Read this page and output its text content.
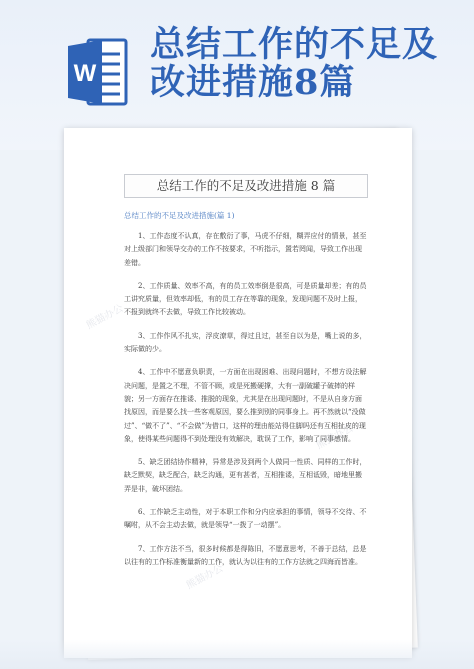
W
总结工作的不足及改进措施8篇
总结工作的不足及改进措施 8 篇
总结工作的不足及改进措施(篇 1)

1、工作态度不认真，存在敷衍了事，马虎不仔细，糊弄应付的情景，甚至对上级部门和领导交办的工作不按要求，不听指示，置若罔闻，导致工作出现差错。

2、工作质量、效率不高，有的员工效率倒是很高，可是质量却差；有的员工讲究质量，但效率却低，有的员工存在等靠的现象，发现问题不及时上报，不报到就终不去做，导致工作比较被动。

3、工作作风不扎实，浮皮潦草，得过且过，甚至自以为是，嘴上说的多，实际做的少。

4、工作中不愿意负职责，一方面在出现困难、出现问题时，不想方设法解决问题，是置之不理，不管不顾，或是死搬硬撑，大有一副破罐子破摔的样貌；另一方面存在推诿、推脱的现象，尤其是在出现问题时，不是从自身方面找原因，而是要么找一些客观原因，要么推到别的同事身上。再不然就以“没做过”、“做不了”、“不会做”为借口，这样的理由能站得住脚吗还有互相扯皮的现象，使得某些问题得不到处理没有效解决，耽误了工作，影响了同事感情。

5、缺乏团结协作精神，异常是涉及到两个人做同一性质、同样的工作时，缺乏默契，缺乏配合，缺乏沟通，更有甚者，互相推诿，互相诋毁，暗地里搬弄是非，破坏团结。

6、工作缺乏主动性，对于本职工作和分内应承担的事情，领导不交待、不嘱咐，从不会主动去做，就是领导“一拨了一动摆”。

7、工作方法不当，很多时候都是得陈旧，不愿意思考，不善于总结，总是以往有的工作标准衡量新的工作，就认为以往有的工作方法就之四海而皆准。

熊猫办公
熊猫办公
熊猫办公
